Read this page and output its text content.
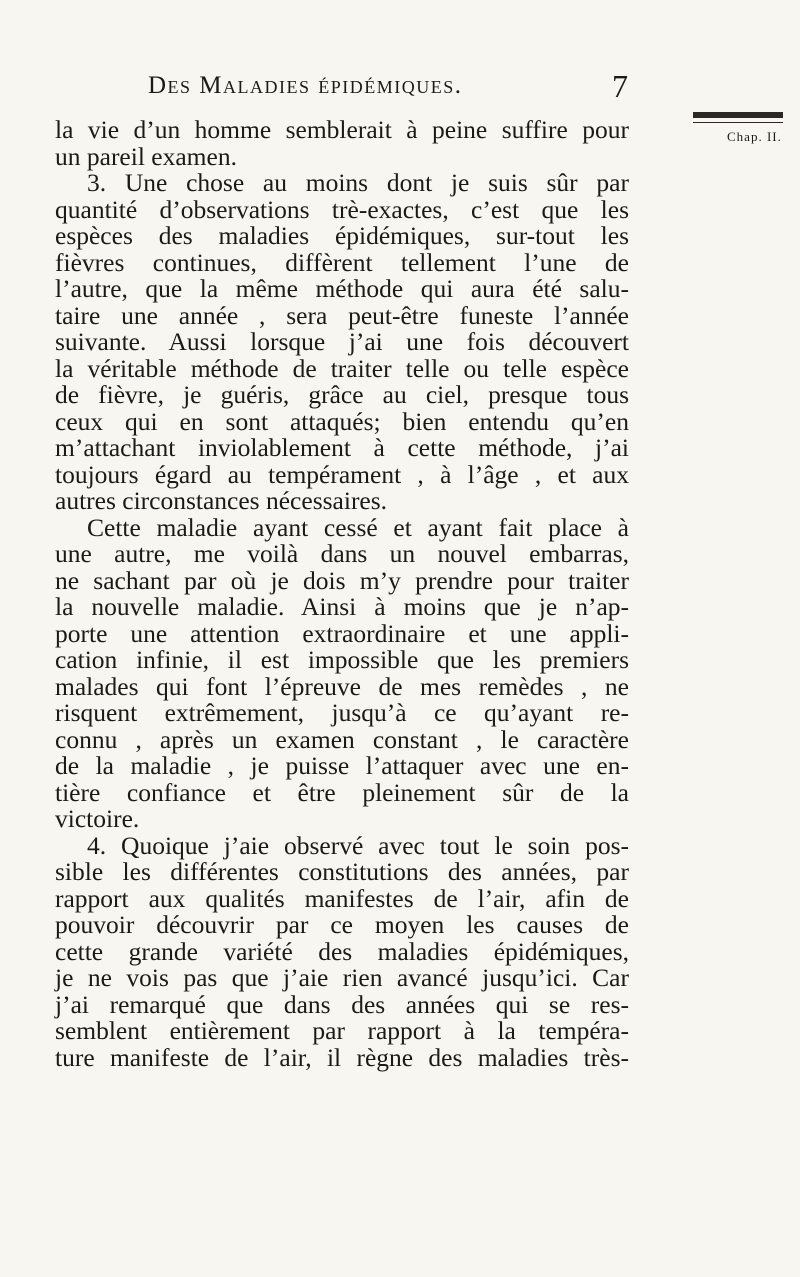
Des Maladies épidémiques.	7
Chap. II.
la vie d’un homme semblerait à peine suffire pour
un pareil examen.
3. Une chose au moins dont je suis sûr par
quantité d’observations trè-exactes, c’est que les
espèces des maladies épidémiques, sur-tout les
fièvres continues, diffèrent tellement l’une de
l’autre, que la même méthode qui aura été salu-
taire une année , sera peut-être funeste l’année
suivante. Aussi lorsque j’ai une fois découvert
la véritable méthode de traiter telle ou telle espèce
de fièvre, je guéris, grâce au ciel, presque tous
ceux qui en sont attaqués; bien entendu qu’en
m’attachant inviolablement à cette méthode, j’ai
toujours égard au tempérament , à l’âge , et aux
autres circonstances nécessaires.
Cette maladie ayant cessé et ayant fait place à
une autre, me voilà dans un nouvel embarras,
ne sachant par où je dois m’y prendre pour traiter
la nouvelle maladie. Ainsi à moins que je n’ap-
porte une attention extraordinaire et une appli-
cation infinie, il est impossible que les premiers
malades qui font l’épreuve de mes remèdes , ne
risquent extrêmement, jusqu’à ce qu’ayant re-
connu , après un examen constant , le caractère
de la maladie , je puisse l’attaquer avec une en-
tière confiance et être pleinement sûr de la
victoire.
4. Quoique j’aie observé avec tout le soin pos-
sible les différentes constitutions des années, par
rapport aux qualités manifestes de l’air, afin de
pouvoir découvrir par ce moyen les causes de
cette grande variété des maladies épidémiques,
je ne vois pas que j’aie rien avancé jusqu’ici. Car
j’ai remarqué que dans des années qui se res-
semblent entièrement par rapport à la tempéra-
ture manifeste de l’air, il règne des maladies très-
